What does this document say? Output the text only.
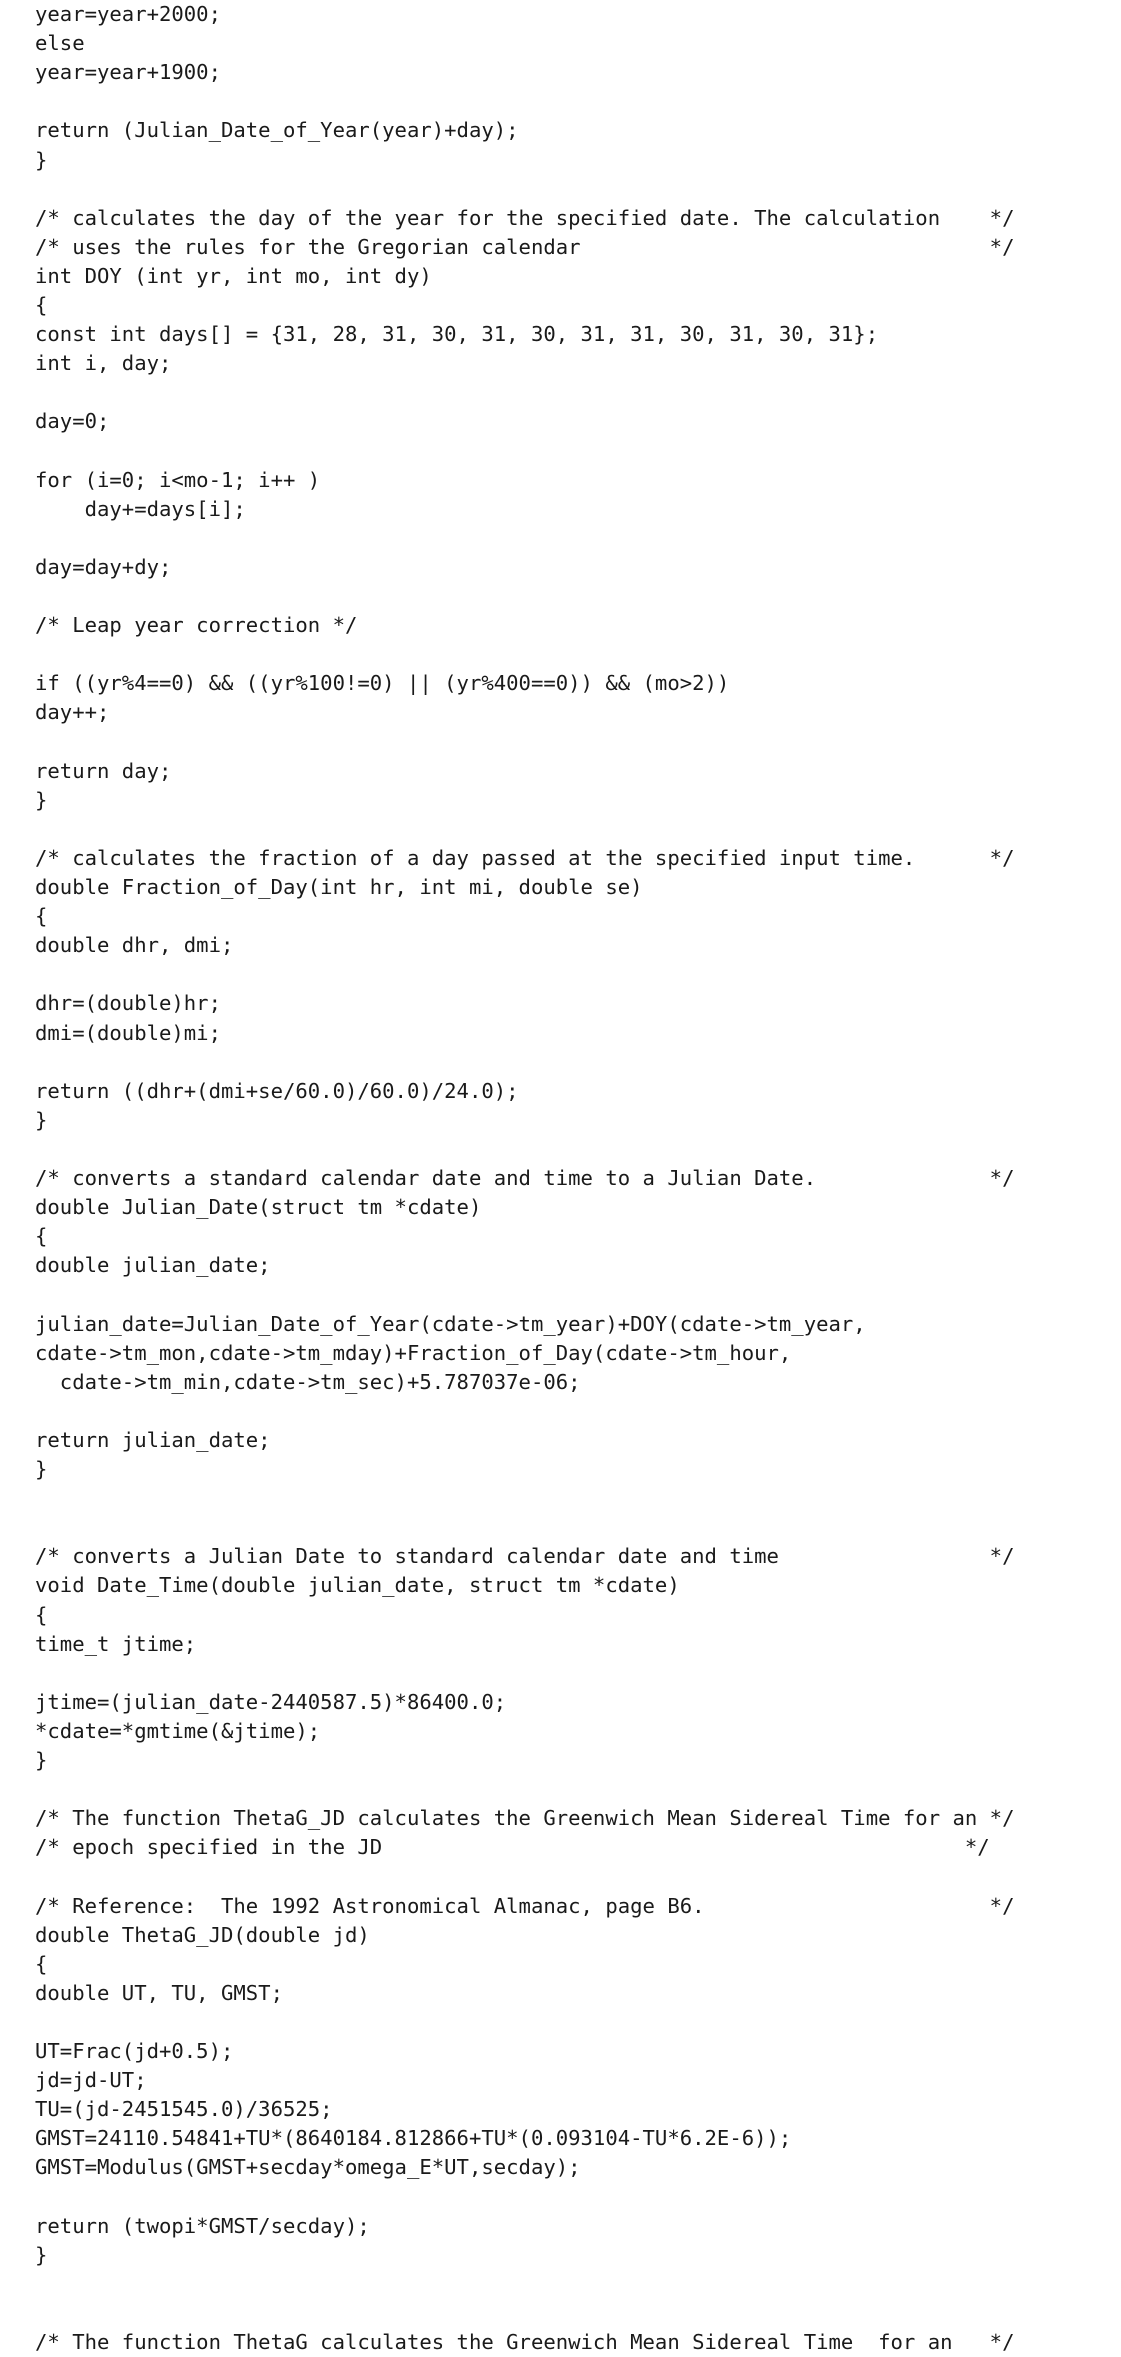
year=year+2000;
else
year=year+1900;
return (Julian_Date_of_Year(year)+day);
}
/* calculates the day of the year for the specified date. The calculation    */
/* uses the rules for the Gregorian calendar                                 */
int DOY (int yr, int mo, int dy)
{
const int days[] = {31, 28, 31, 30, 31, 30, 31, 31, 30, 31, 30, 31};
int i, day;
day=0;
for (i=0; i<mo-1; i++ )
day+=days[i];
day=day+dy;
/* Leap year correction */
if ((yr%4==0) && ((yr%100!=0) || (yr%400==0)) && (mo>2))
day++;
return day;
}
/* calculates the fraction of a day passed at the specified input time.      */
double Fraction_of_Day(int hr, int mi, double se)
{
double dhr, dmi;
dhr=(double)hr;
dmi=(double)mi;
return ((dhr+(dmi+se/60.0)/60.0)/24.0);
}
/* converts a standard calendar date and time to a Julian Date.              */
double Julian_Date(struct tm *cdate)
{
double julian_date;
julian_date=Julian_Date_of_Year(cdate->tm_year)+DOY(cdate->tm_year,
cdate->tm_mon,cdate->tm_mday)+Fraction_of_Day(cdate->tm_hour,
cdate->tm_min,cdate->tm_sec)+5.787037e-06;
return julian_date;
}
/* converts a Julian Date to standard calendar date and time                 */
void Date_Time(double julian_date, struct tm *cdate)
{
time_t jtime;
jtime=(julian_date-2440587.5)*86400.0;
*cdate=*gmtime(&jtime);
}
/* The function ThetaG_JD calculates the Greenwich Mean Sidereal Time for an */
/* epoch specified in the JD                                               */
/* Reference:  The 1992 Astronomical Almanac, page B6.                       */
double ThetaG_JD(double jd)
{
double UT, TU, GMST;
UT=Frac(jd+0.5);
jd=jd-UT;
TU=(jd-2451545.0)/36525;
GMST=24110.54841+TU*(8640184.812866+TU*(0.093104-TU*6.2E-6));
GMST=Modulus(GMST+secday*omega_E*UT,secday);
return (twopi*GMST/secday);
}
/* The function ThetaG calculates the Greenwich Mean Sidereal Time  for an   */
